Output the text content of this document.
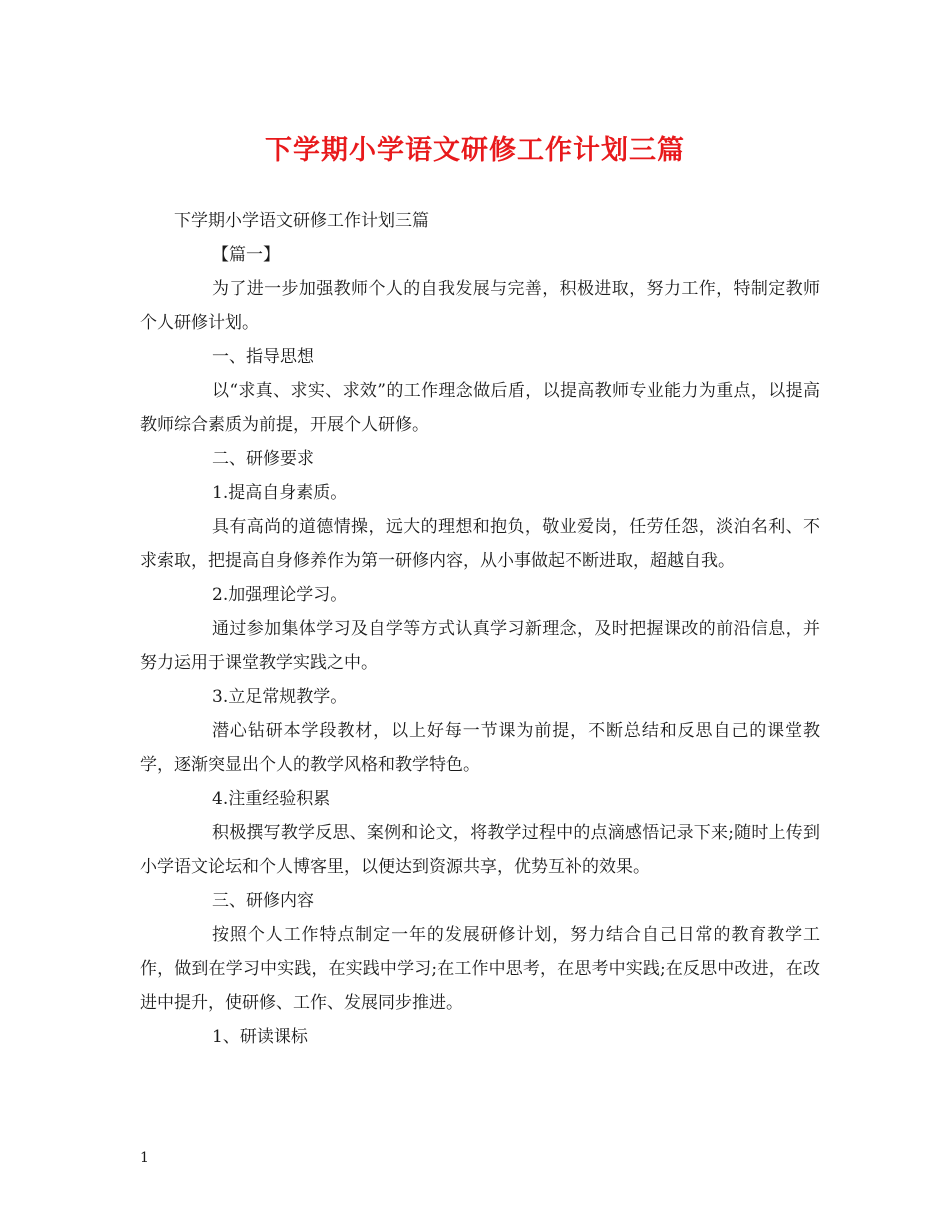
下学期小学语文研修工作计划三篇

下学期小学语文研修工作计划三篇

【篇一】

为了进一步加强教师个人的自我发展与完善，积极进取，努力工作，特制定教师个人研修计划。

一、指导思想

以“求真、求实、求效”的工作理念做后盾，以提高教师专业能力为重点，以提高教师综合素质为前提，开展个人研修。

二、研修要求

1.提高自身素质。

具有高尚的道德情操，远大的理想和抱负，敬业爱岗，任劳任怨，淡泊名利、不求索取，把提高自身修养作为第一研修内容，从小事做起不断进取，超越自我。

2.加强理论学习。

通过参加集体学习及自学等方式认真学习新理念，及时把握课改的前沿信息，并努力运用于课堂教学实践之中。

3.立足常规教学。

潜心钻研本学段教材，以上好每一节课为前提，不断总结和反思自己的课堂教学，逐渐突显出个人的教学风格和教学特色。

4.注重经验积累

积极撰写教学反思、案例和论文，将教学过程中的点滴感悟记录下来;随时上传到小学语文论坛和个人博客里，以便达到资源共享，优势互补的效果。

三、研修内容

按照个人工作特点制定一年的发展研修计划，努力结合自己日常的教育教学工作，做到在学习中实践，在实践中学习;在工作中思考，在思考中实践;在反思中改进，在改进中提升，使研修、工作、发展同步推进。

1、研读课标

1
